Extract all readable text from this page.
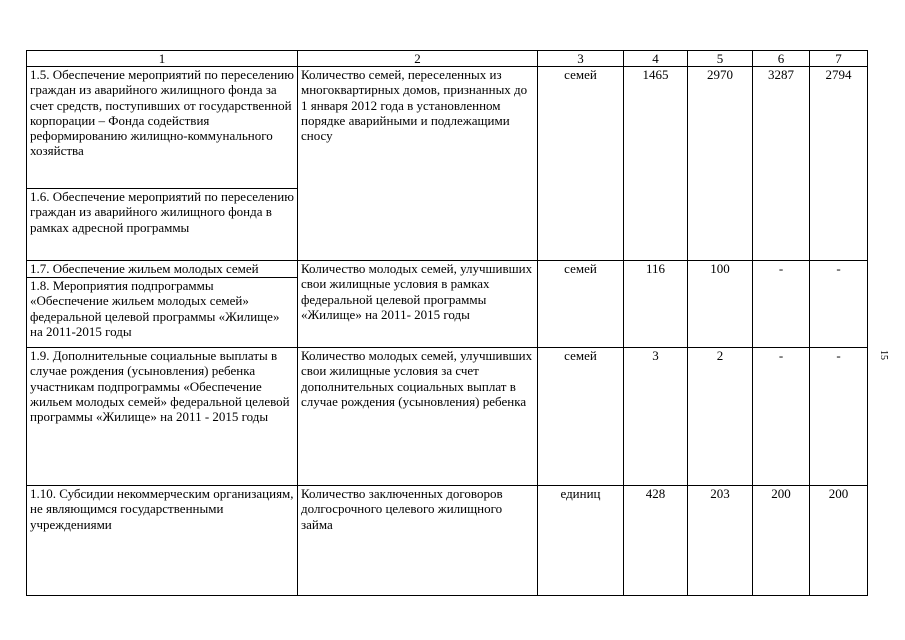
1	2	3	4	5	6	7
1.5. Обеспечение мероприятий по переселению граждан из аварийного жилищного фонда за счет средств, поступивших от государственной корпорации – Фонда содействия реформированию жилищно-коммунального хозяйства	Количество семей, переселенных из многоквартирных домов, признанных до 1 января 2012 года в установленном порядке аварийными и подлежащими сносу	семей	1465	2970	3287	2794
1.6. Обеспечение мероприятий по переселению граждан из аварийного жилищного фонда в рамках адресной программы						
1.7. Обеспечение жильем молодых семей	Количество молодых семей, улучшивших свои жилищные условия в рамках федеральной целевой программы «Жилище» на 2011- 2015 годы	семей	116	100	-	-
1.8. Мероприятия подпрограммы «Обеспечение жильем молодых семей» федеральной целевой программы «Жилище» на 2011-2015 годы						
1.9. Дополнительные социальные выплаты в случае рождения (усыновления) ребенка участникам подпрограммы «Обеспечение жильем молодых семей» федеральной целевой программы «Жилище» на 2011 - 2015 годы	Количество молодых семей, улучшивших свои жилищные условия за счет дополнительных социальных выплат в случае рождения (усыновления) ребенка	семей	3	2	-	-
1.10. Субсидии некоммерческим организациям, не являющимся государственными учреждениями	Количество заключенных договоров долгосрочного целевого жилищного займа	единиц	428	203	200	200
15
